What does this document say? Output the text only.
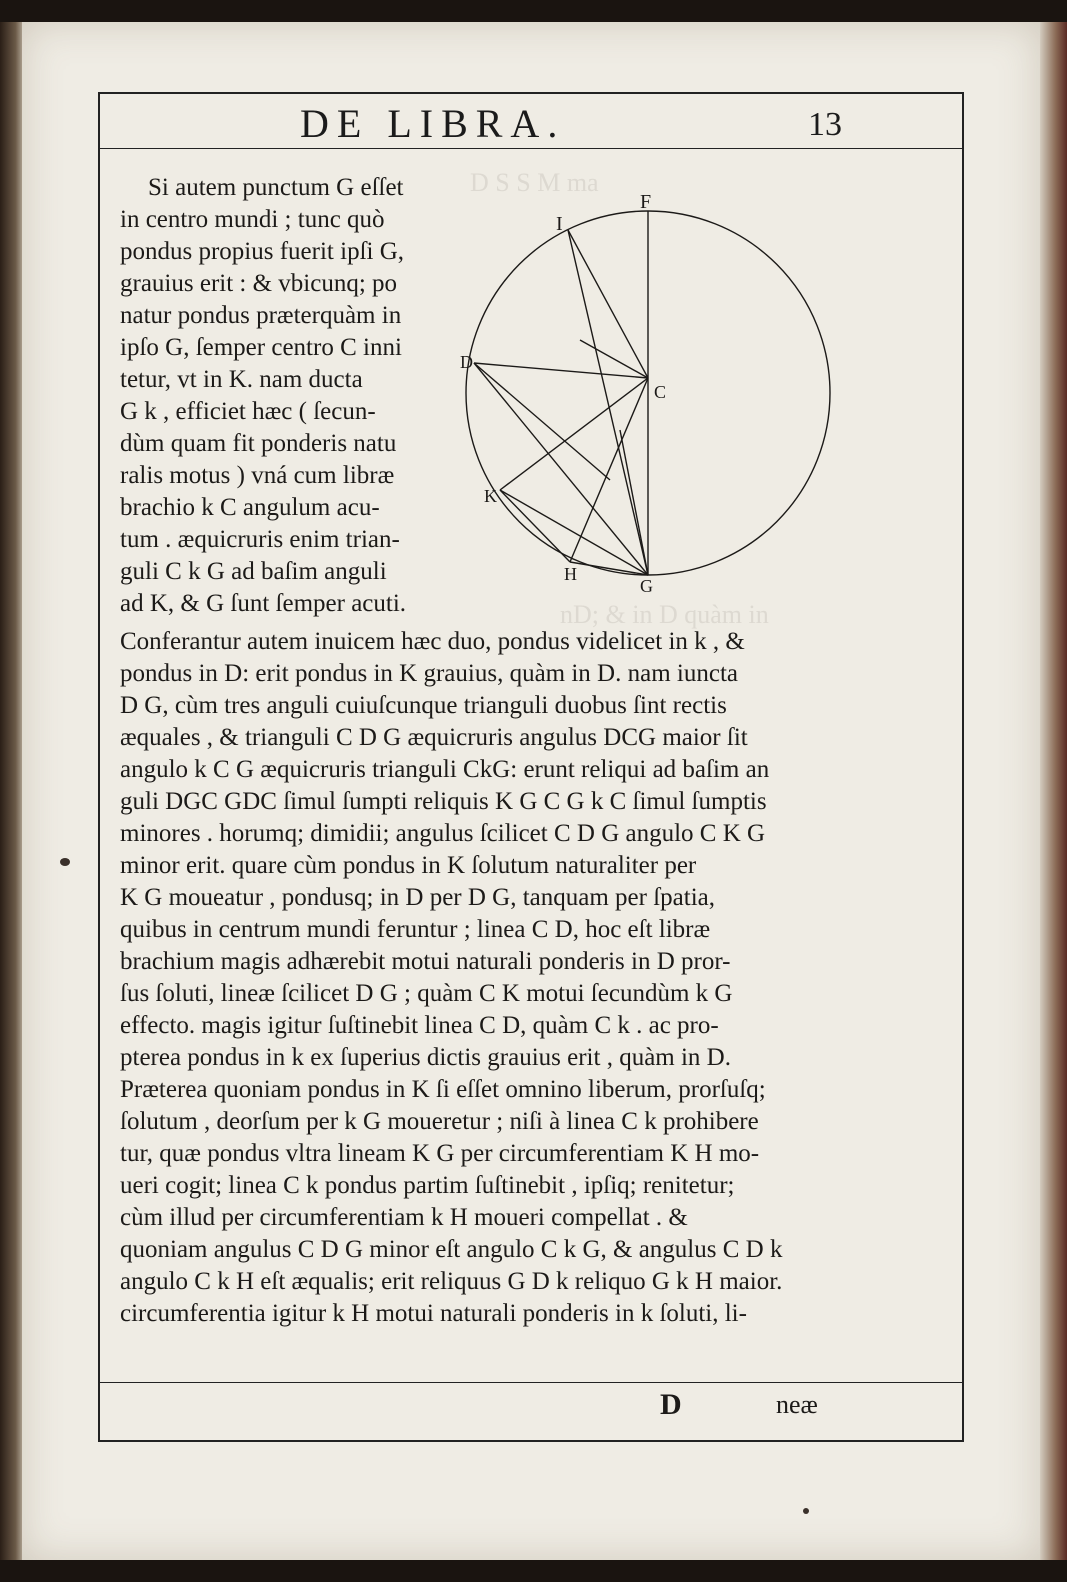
D S S M ma
nD; & in D quàm in
DE LIBRA.	13
F
I
D
C
K
H
G
Si autem punctum G eſſet
in centro mundi ; tunc quò
pondus propius fuerit ipſi G,
grauius erit : & vbicunq; po
natur pondus præterquàm in
ipſo G, ſemper centro C inni
tetur, vt in K. nam ducta
G k , efficiet hæc ( ſecun-
dùm quam fit ponderis natu
ralis motus ) vná cum libræ
brachio k C angulum acu-
tum . æquicruris enim trian-
guli C k G ad baſim anguli
ad K, & G ſunt ſemper acuti.
Conferantur autem inuicem hæc duo, pondus videlicet in k , &
pondus in D: erit pondus in K grauius, quàm in D. nam iuncta
D G, cùm tres anguli cuiuſcunque trianguli duobus ſint rectis
æquales , & trianguli C D G æquicruris angulus DCG maior ſit
angulo k C G æquicruris trianguli CkG: erunt reliqui ad baſim an
guli DGC GDC ſimul ſumpti reliquis K G C G k C ſimul ſumptis
minores . horumq; dimidii; angulus ſcilicet C D G angulo C K G
minor erit. quare cùm pondus in K ſolutum naturaliter per
K G moueatur , pondusq; in D per D G, tanquam per ſpatia,
quibus in centrum mundi feruntur ; linea C D, hoc eſt libræ
brachium magis adhærebit motui naturali ponderis in D pror-
ſus ſoluti, lineæ ſcilicet D G ; quàm C K motui ſecundùm k G
effecto. magis igitur ſuſtinebit linea C D, quàm C k . ac pro-
pterea pondus in k ex ſuperius dictis grauius erit , quàm in D.
Præterea quoniam pondus in K ſi eſſet omnino liberum, prorſuſq;
ſolutum , deorſum per k G moueretur ; niſi à linea C k prohibere
tur, quæ pondus vltra lineam K G per circumferentiam K H mo-
ueri cogit; linea C k pondus partim ſuſtinebit , ipſiq; renitetur;
cùm illud per circumferentiam k H moueri compellat . &
quoniam angulus C D G minor eſt angulo C k G, & angulus C D k
angulo C k H eſt æqualis; erit reliquus G D k reliquo G k H maior.
circumferentia igitur k H motui naturali ponderis in k ſoluti, li-
D	neæ
